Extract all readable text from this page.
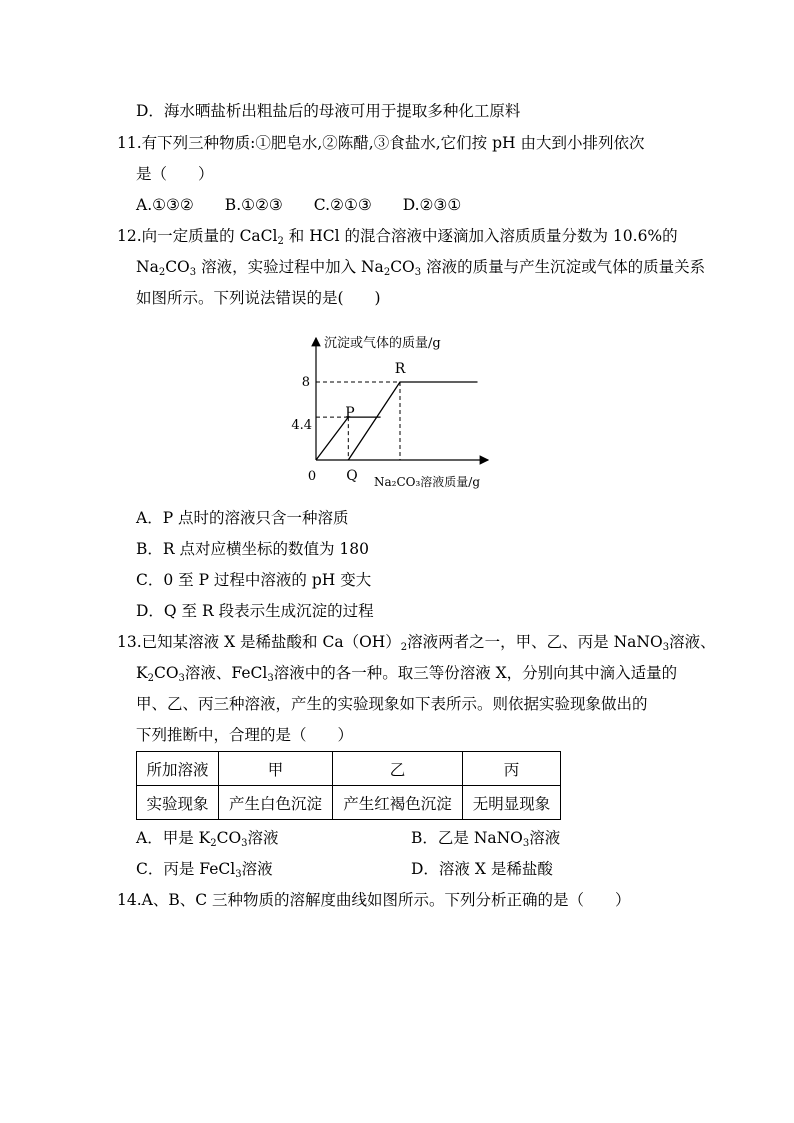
D．海水晒盐析出粗盐后的母液可用于提取多种化工原料
11.有下列三种物质:①肥皂水,②陈醋,③食盐水,它们按 pH 由大到小排列依次
是（　　）
A.①③②　　B.①②③　　C.②①③　　D.②③①
12.向一定质量的 CaCl$_2$ 和 HCl 的混合溶液中逐滴加入溶质质量分数为 10.6%的
$Na_2CO_3$ 溶液，实验过程中加入 $Na_2CO_3$ 溶液的质量与产生沉淀或气体的质量关系
如图所示。下列说法错误的是(　　)
沉淀或气体的质量/g
Na₂CO₃溶液质量/g
0
4.4
8
P
Q
R
A．P 点时的溶液只含一种溶质
B．R 点对应横坐标的数值为 180
C．0 至 P 过程中溶液的 pH 变大
D．Q 至 R 段表示生成沉淀的过程
13.已知某溶液 X 是稀盐酸和 $Ca(OH)_2$溶液两者之一，甲、乙、丙是 NaNO$_3$溶液、
$K_2CO_3$溶液、FeCl$_3$溶液中的各一种。取三等份溶液 X，分别向其中滴入适量的
甲、乙、丙三种溶液，产生的实验现象如下表所示。则依据实验现象做出的
下列推断中，合理的是（　　）
所加溶液	甲	乙	丙
实验现象	产生白色沉淀	产生红褐色沉淀	无明显现象
A．甲是 $K_2CO_3$溶液	B．乙是 NaNO$_3$溶液
C．丙是 FeCl$_3$溶液	D．溶液 X 是稀盐酸
14.A、B、C 三种物质的溶解度曲线如图所示。下列分析正确的是（　　）
